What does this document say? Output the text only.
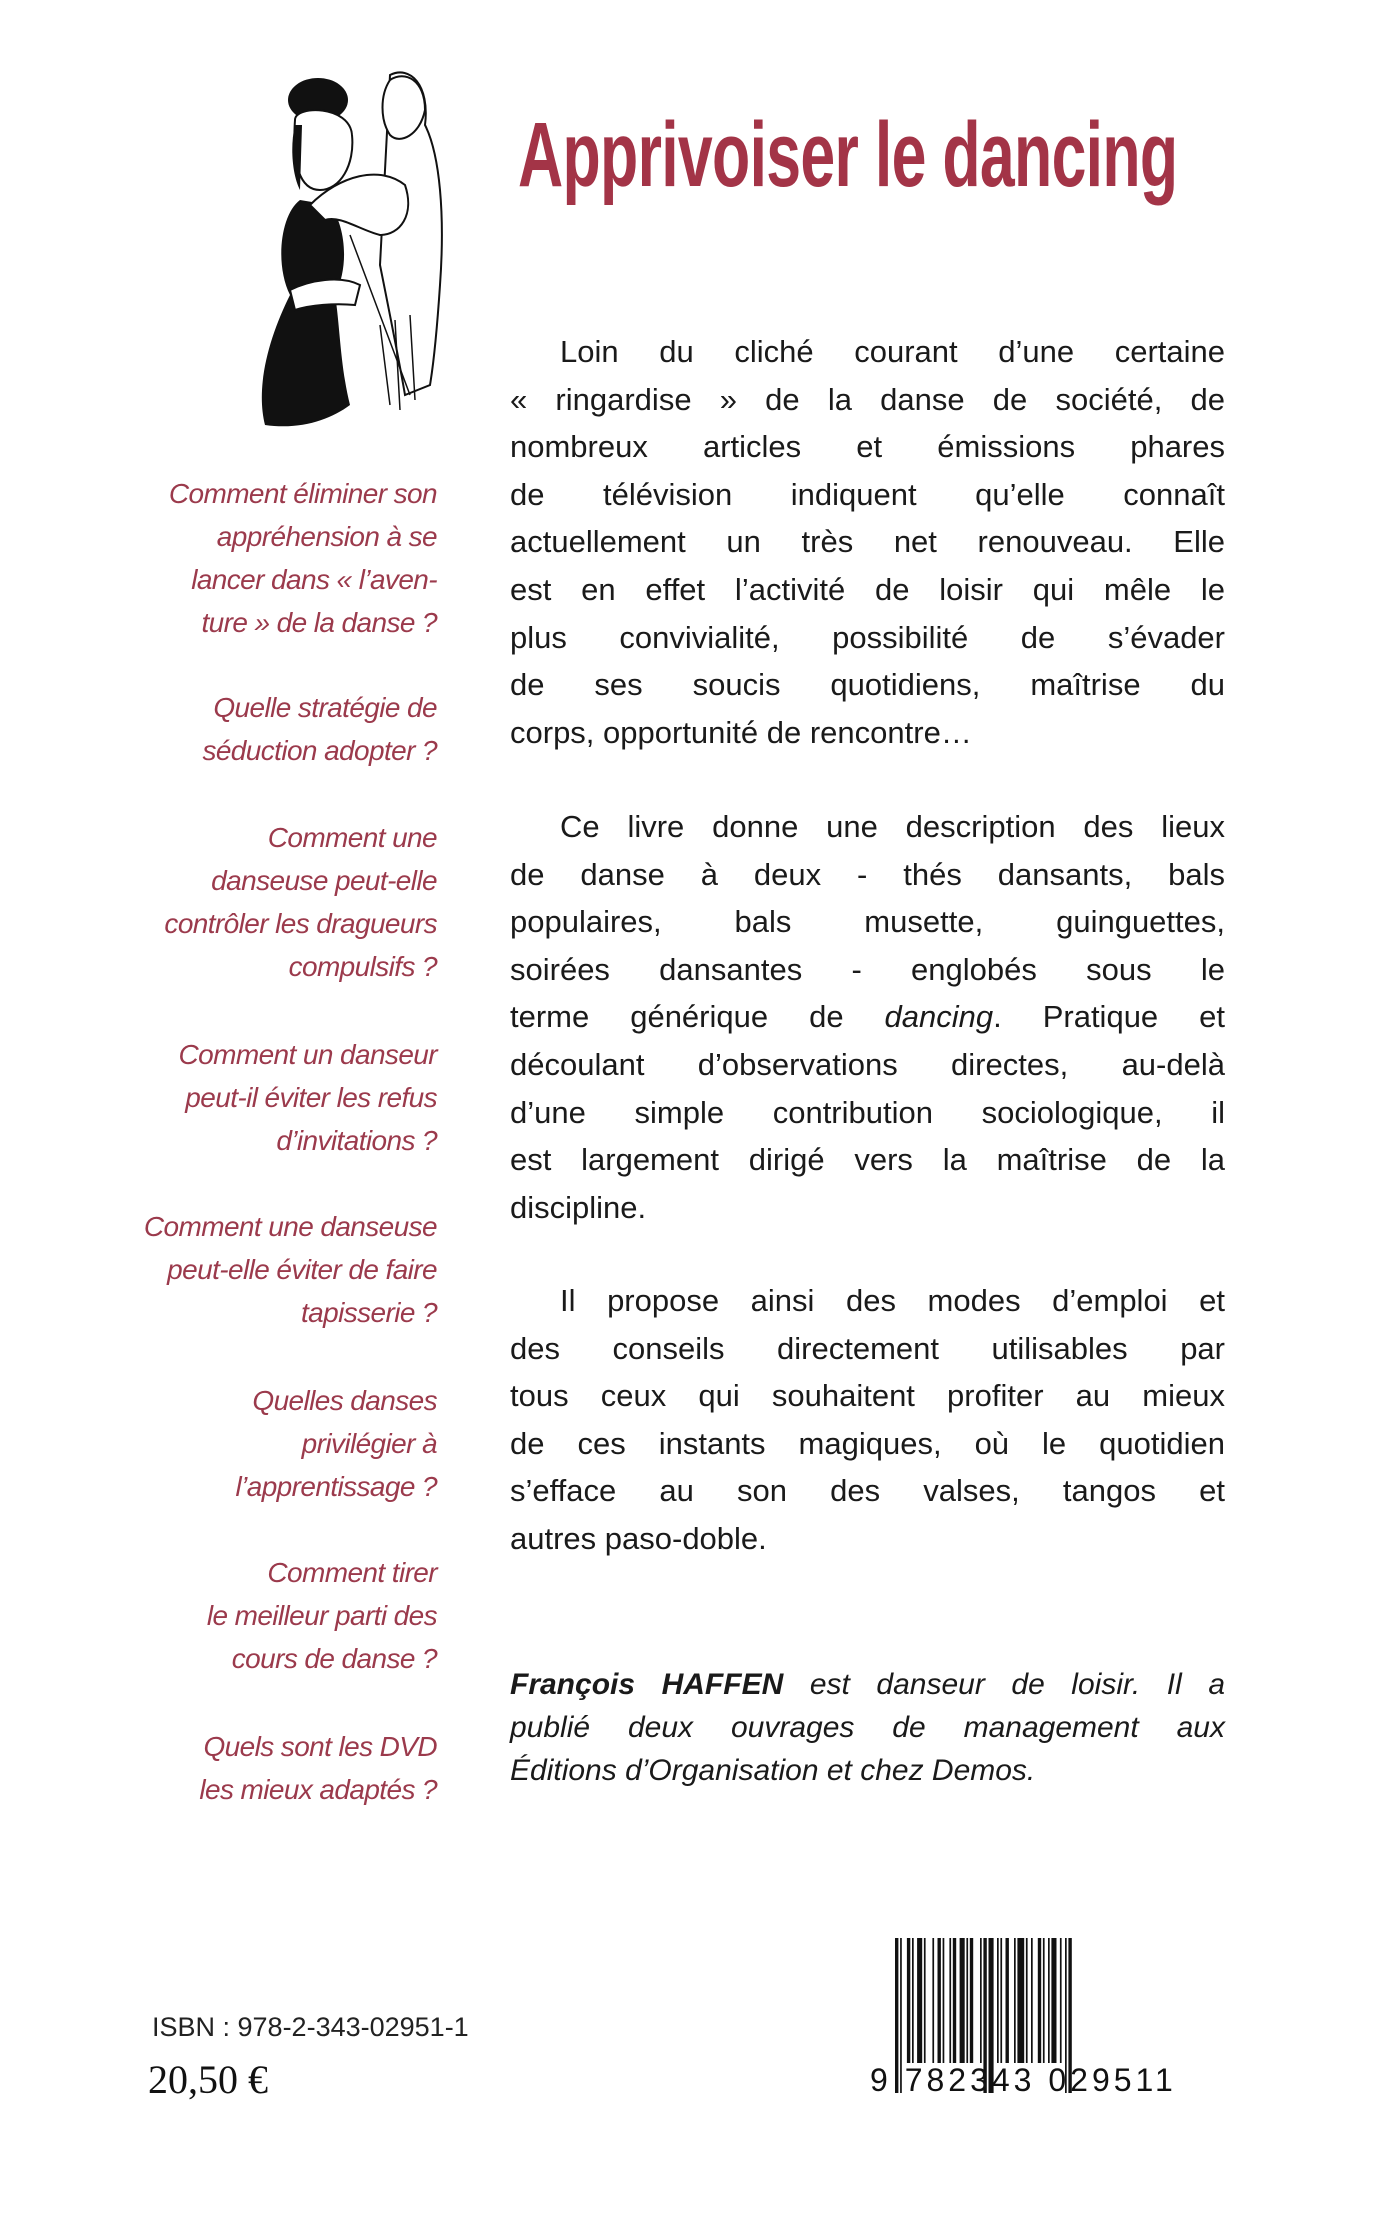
Apprivoiser le dancing
Comment éliminer son
appréhension à se
lancer dans « l’aven-
ture » de la danse ?
Quelle stratégie de
séduction adopter ?
Comment une
danseuse peut-elle
contrôler les dragueurs
compulsifs ?
Comment un danseur
peut-il éviter les refus
d’invitations ?
Comment une danseuse
peut-elle éviter de faire
tapisserie ?
Quelles danses
privilégier à
l’apprentissage ?
Comment tirer
le meilleur parti des
cours de danse ?
Quels sont les DVD
les mieux adaptés ?
Loin du cliché courant d’une certaine
« ringardise » de la danse de société, de
nombreux articles et émissions phares
de télévision indiquent qu’elle connaît
actuellement un très net renouveau. Elle
est en effet l’activité de loisir qui mêle le
plus convivialité, possibilité de s’évader
de ses soucis quotidiens, maîtrise du
corps, opportunité de rencontre…
Ce livre donne une description des lieux
de danse à deux - thés dansants, bals
populaires, bals musette, guinguettes,
soirées dansantes - englobés sous le
terme générique de dancing. Pratique et
découlant d’observations directes, au-delà
d’une simple contribution sociologique, il
est largement dirigé vers la maîtrise de la
discipline.
Il propose ainsi des modes d’emploi et
des conseils directement utilisables par
tous ceux qui souhaitent profiter au mieux
de ces instants magiques, où le quotidien
s’efface au son des valses, tangos et
autres paso-doble.
François HAFFEN est danseur de loisir. Il a
publié deux ouvrages de management aux
Éditions d’Organisation et chez Demos.
ISBN : 978-2-343-02951-1
20,50 €	9 782343 029511
